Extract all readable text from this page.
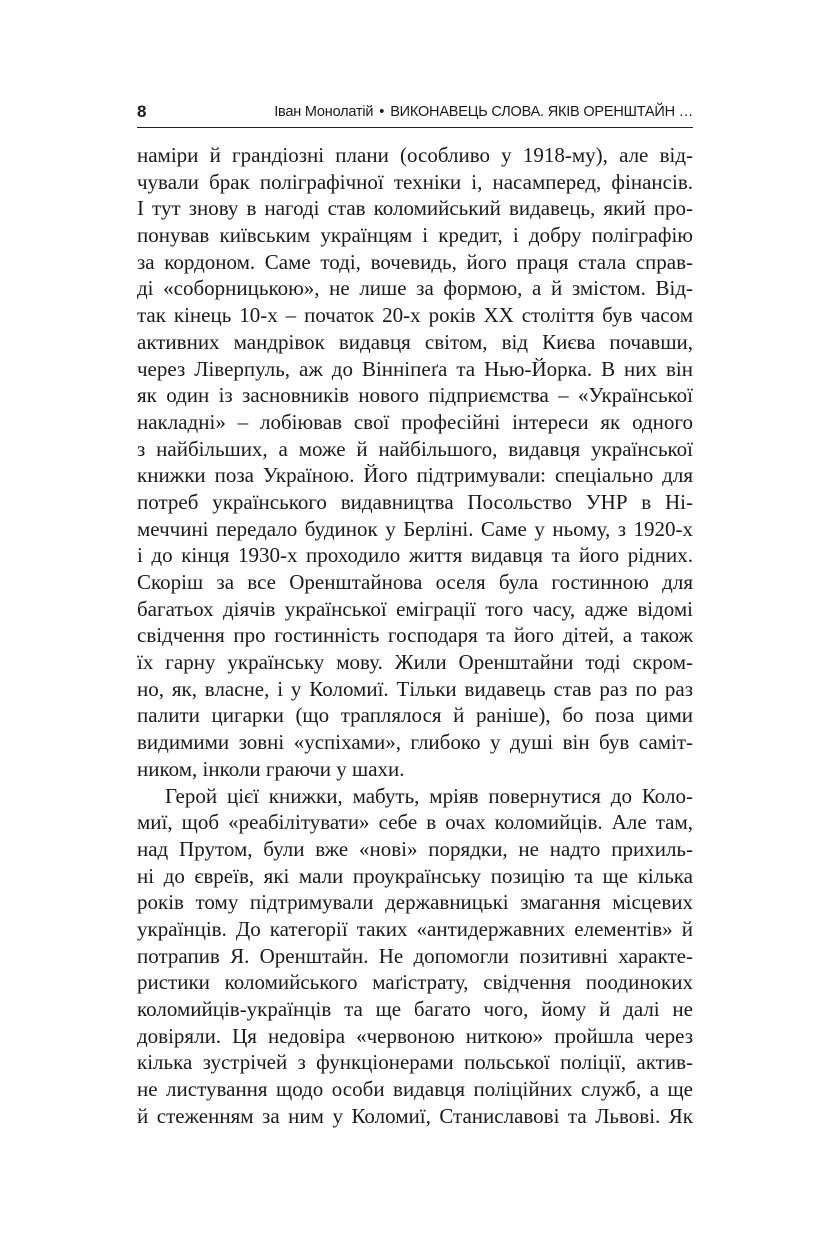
8	Іван Монолатій • ВИКОНАВЕЦЬ СЛОВА. ЯКІВ ОРЕНШТАЙН …
наміри й грандіозні плани (особливо у 1918-му), але від-
чували брак поліграфічної техніки і, насамперед, фінансів.
І тут знову в нагоді став коломийський видавець, який про-
понував київським українцям і кредит, і добру поліграфію
за кордоном. Саме тоді, вочевидь, його праця стала справ-
ді «соборницькою», не лише за формою, а й змістом. Від-
так кінець 10-х – початок 20-х років XX століття був часом
активних мандрівок видавця світом, від Києва почавши,
через Ліверпуль, аж до Вінніпеґа та Нью-Йорка. В них він
як один із засновників нового підприємства – «Української
накладні» – лобіював свої професійні інтереси як одного
з найбільших, а може й найбільшого, видавця української
книжки поза Україною. Його підтримували: спеціально для
потреб українського видавництва Посольство УНР в Ні-
меччині передало будинок у Берліні. Саме у ньому, з 1920-х
і до кінця 1930-х проходило життя видавця та його рідних.
Скоріш за все Оренштайнова оселя була гостинною для
багатьох діячів української еміграції того часу, адже відомі
свідчення про гостинність господаря та його дітей, а також
їх гарну українську мову. Жили Оренштайни тоді скром-
но, як, власне, і у Коломиї. Тільки видавець став раз по раз
палити цигарки (що траплялося й раніше), бо поза цими
видимими зовні «успіхами», глибоко у душі він був саміт-
ником, інколи граючи у шахи.
Герой цієї книжки, мабуть, мріяв повернутися до Коло-
миї, щоб «реабілітувати» себе в очах коломийців. Але там,
над Прутом, були вже «нові» порядки, не надто прихиль-
ні до євреїв, які мали проукраїнську позицію та ще кілька
років тому підтримували державницькі змагання місцевих
українців. До категорії таких «антидержавних елементів» й
потрапив Я. Оренштайн. Не допомогли позитивні характе-
ристики коломийського маґістрату, свідчення поодиноких
коломийців-українців та ще багато чого, йому й далі не
довіряли. Ця недовіра «червоною ниткою» пройшла через
кілька зустрічей з функціонерами польської поліції, актив-
не листування щодо особи видавця поліційних служб, а ще
й стеженням за ним у Коломиї, Станиславові та Львові. Як
